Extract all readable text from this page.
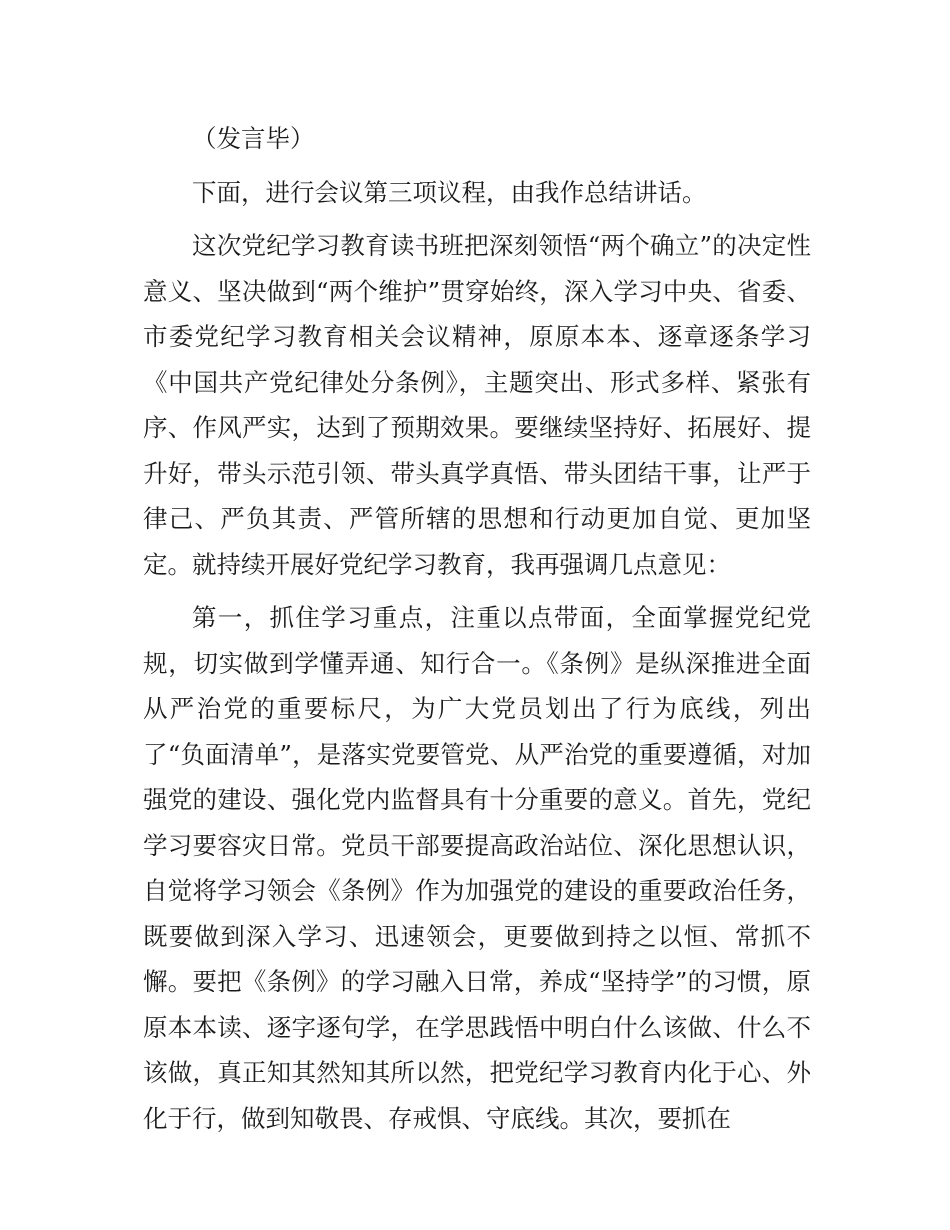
（发言毕）

下面，进行会议第三项议程，由我作总结讲话。

这次党纪学习教育读书班把深刻领悟“两个确立”的决定性意义、坚决做到“两个维护”贯穿始终，深入学习中央、省委、市委党纪学习教育相关会议精神，原原本本、逐章逐条学习《中国共产党纪律处分条例》，主题突出、形式多样、紧张有序、作风严实，达到了预期效果。要继续坚持好、拓展好、提升好，带头示范引领、带头真学真悟、带头团结干事，让严于律己、严负其责、严管所辖的思想和行动更加自觉、更加坚定。就持续开展好党纪学习教育，我再强调几点意见：

第一，抓住学习重点，注重以点带面，全面掌握党纪党规，切实做到学懂弄通、知行合一。《条例》是纵深推进全面从严治党的重要标尺，为广大党员划出了行为底线，列出了“负面清单”，是落实党要管党、从严治党的重要遵循，对加强党的建设、强化党内监督具有十分重要的意义。首先，党纪学习要容灾日常。党员干部要提高政治站位、深化思想认识，自觉将学习领会《条例》作为加强党的建设的重要政治任务，既要做到深入学习、迅速领会，更要做到持之以恒、常抓不懈。要把《条例》的学习融入日常，养成“坚持学”的习惯，原原本本读、逐字逐句学，在学思践悟中明白什么该做、什么不该做，真正知其然知其所以然，把党纪学习教育内化于心、外化于行，做到知敬畏、存戒惧、守底线。其次，要抓在
